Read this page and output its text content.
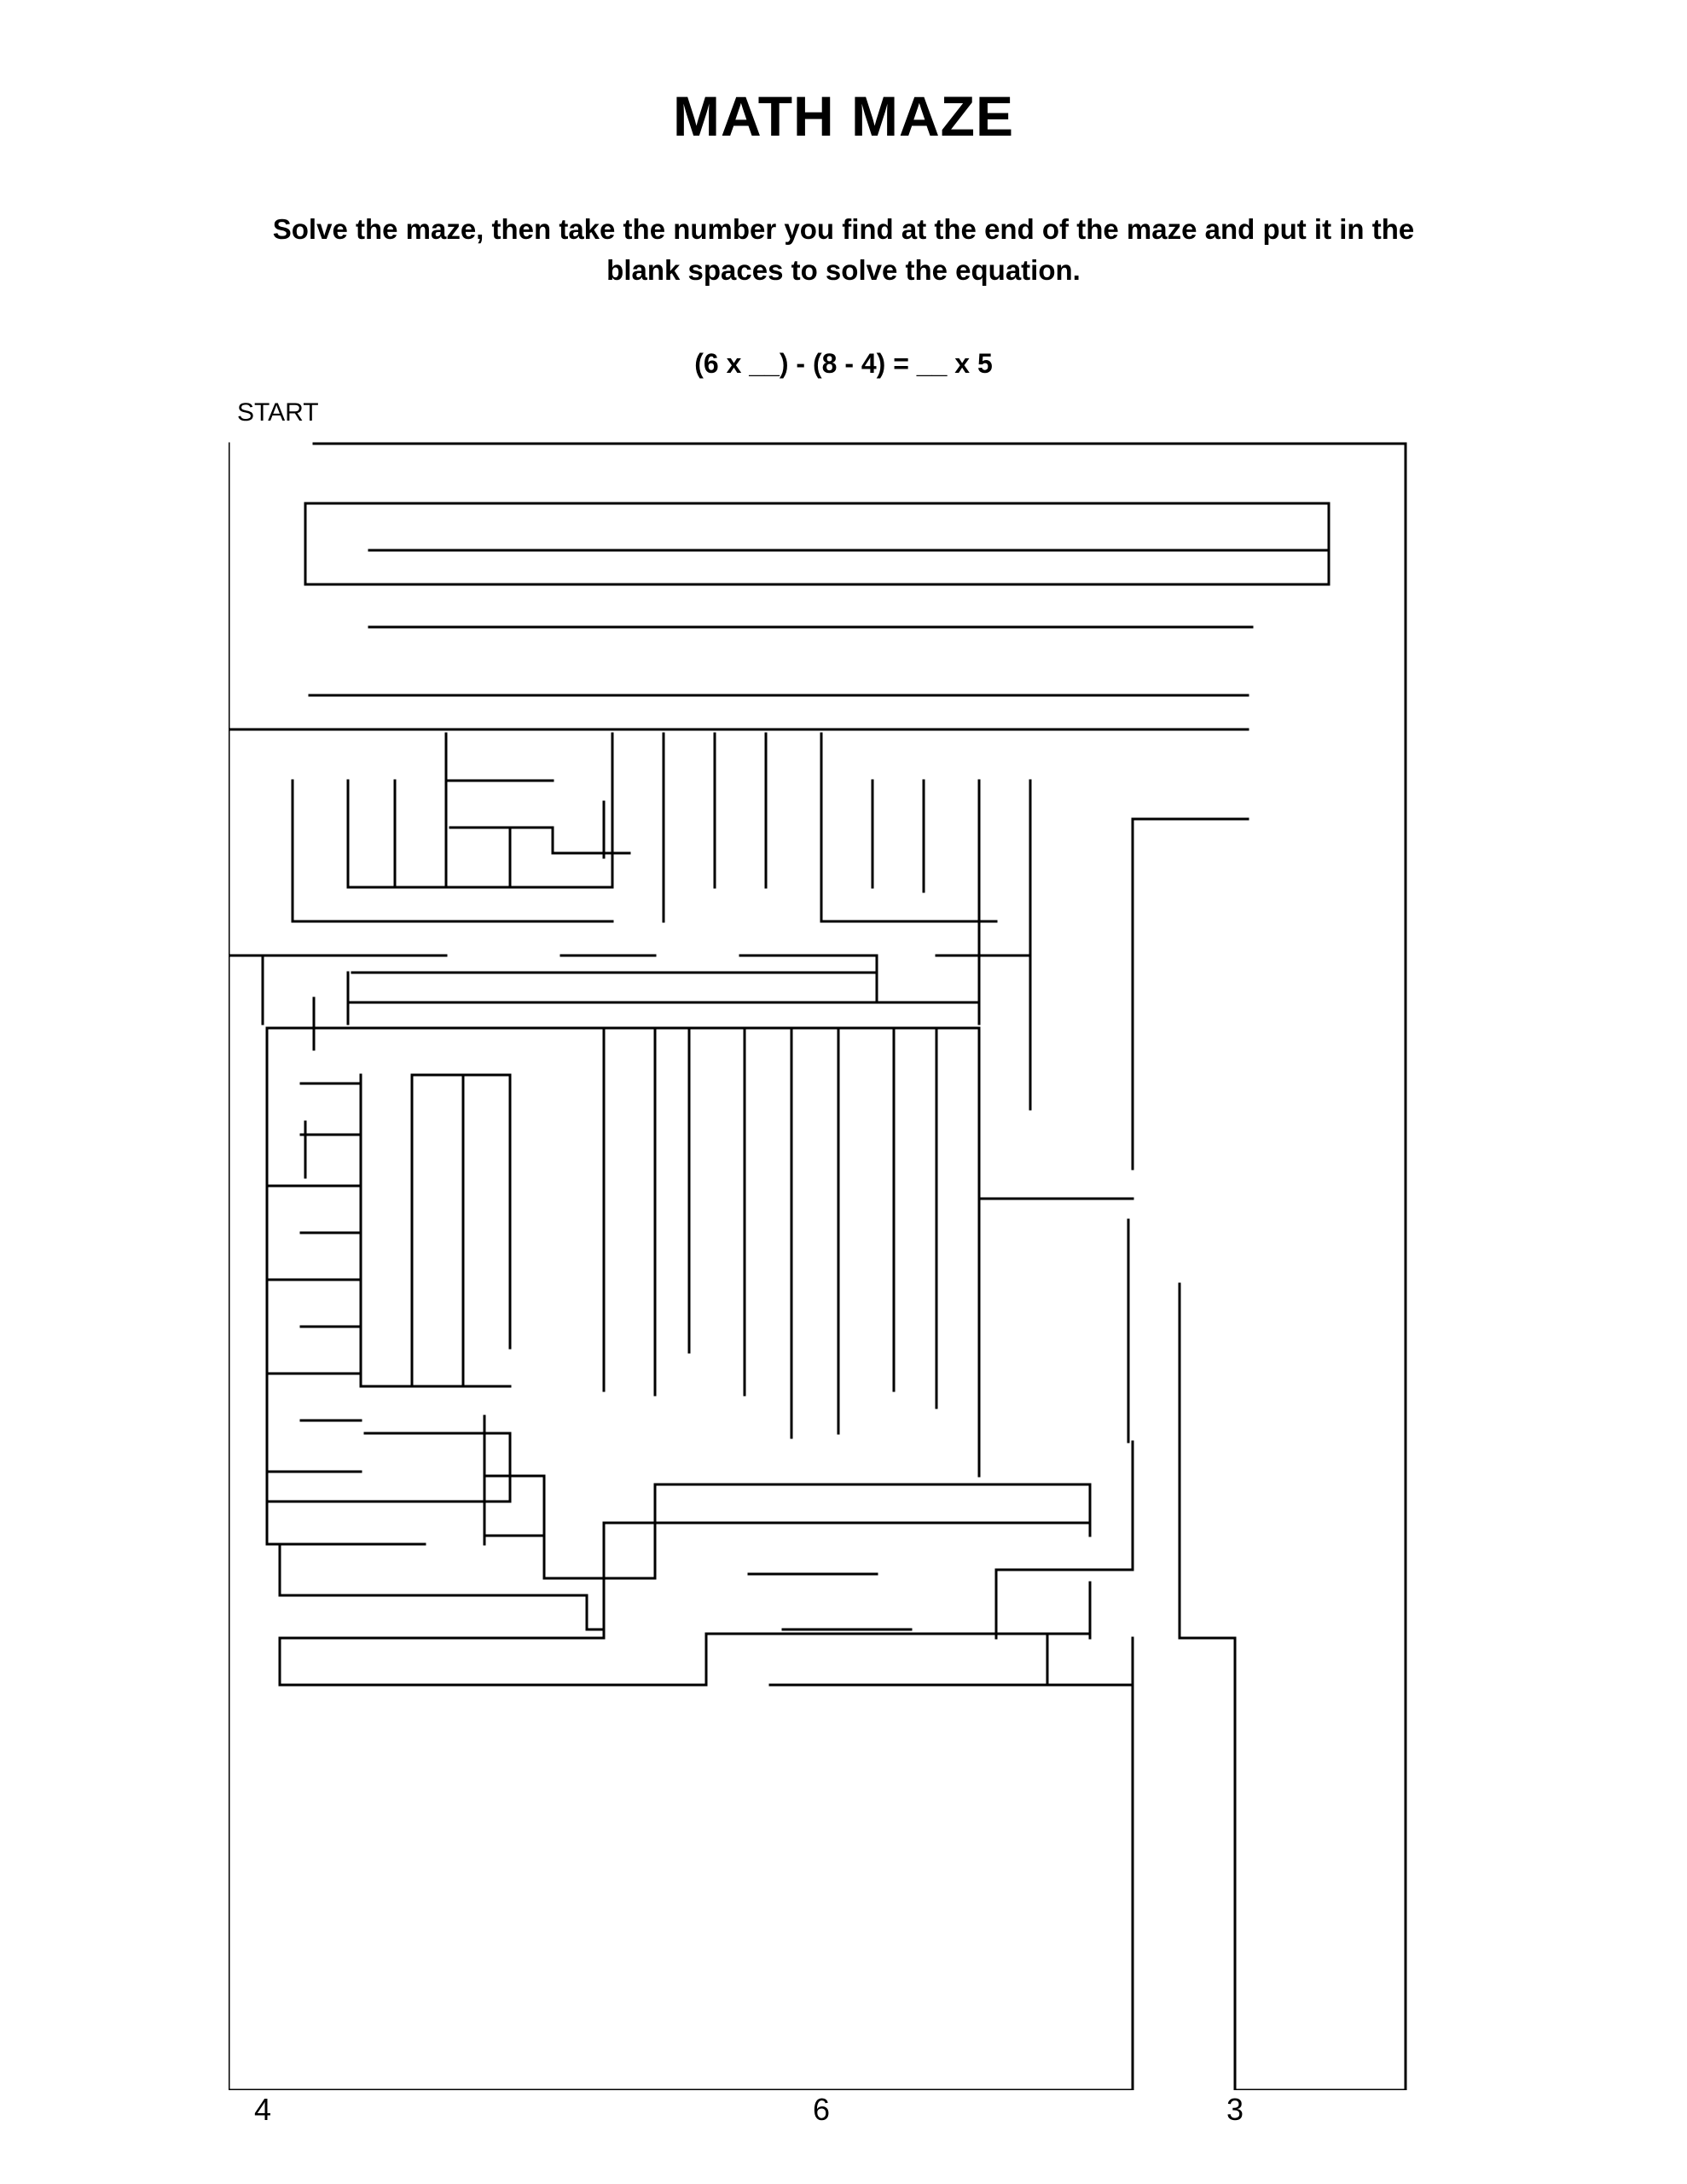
MATH MAZE
Solve the maze, then take the number you find at the end of the maze and put it in the blank spaces to solve the equation.
(6 x __) - (8 - 4) = __ x 5
START
4	6	3
